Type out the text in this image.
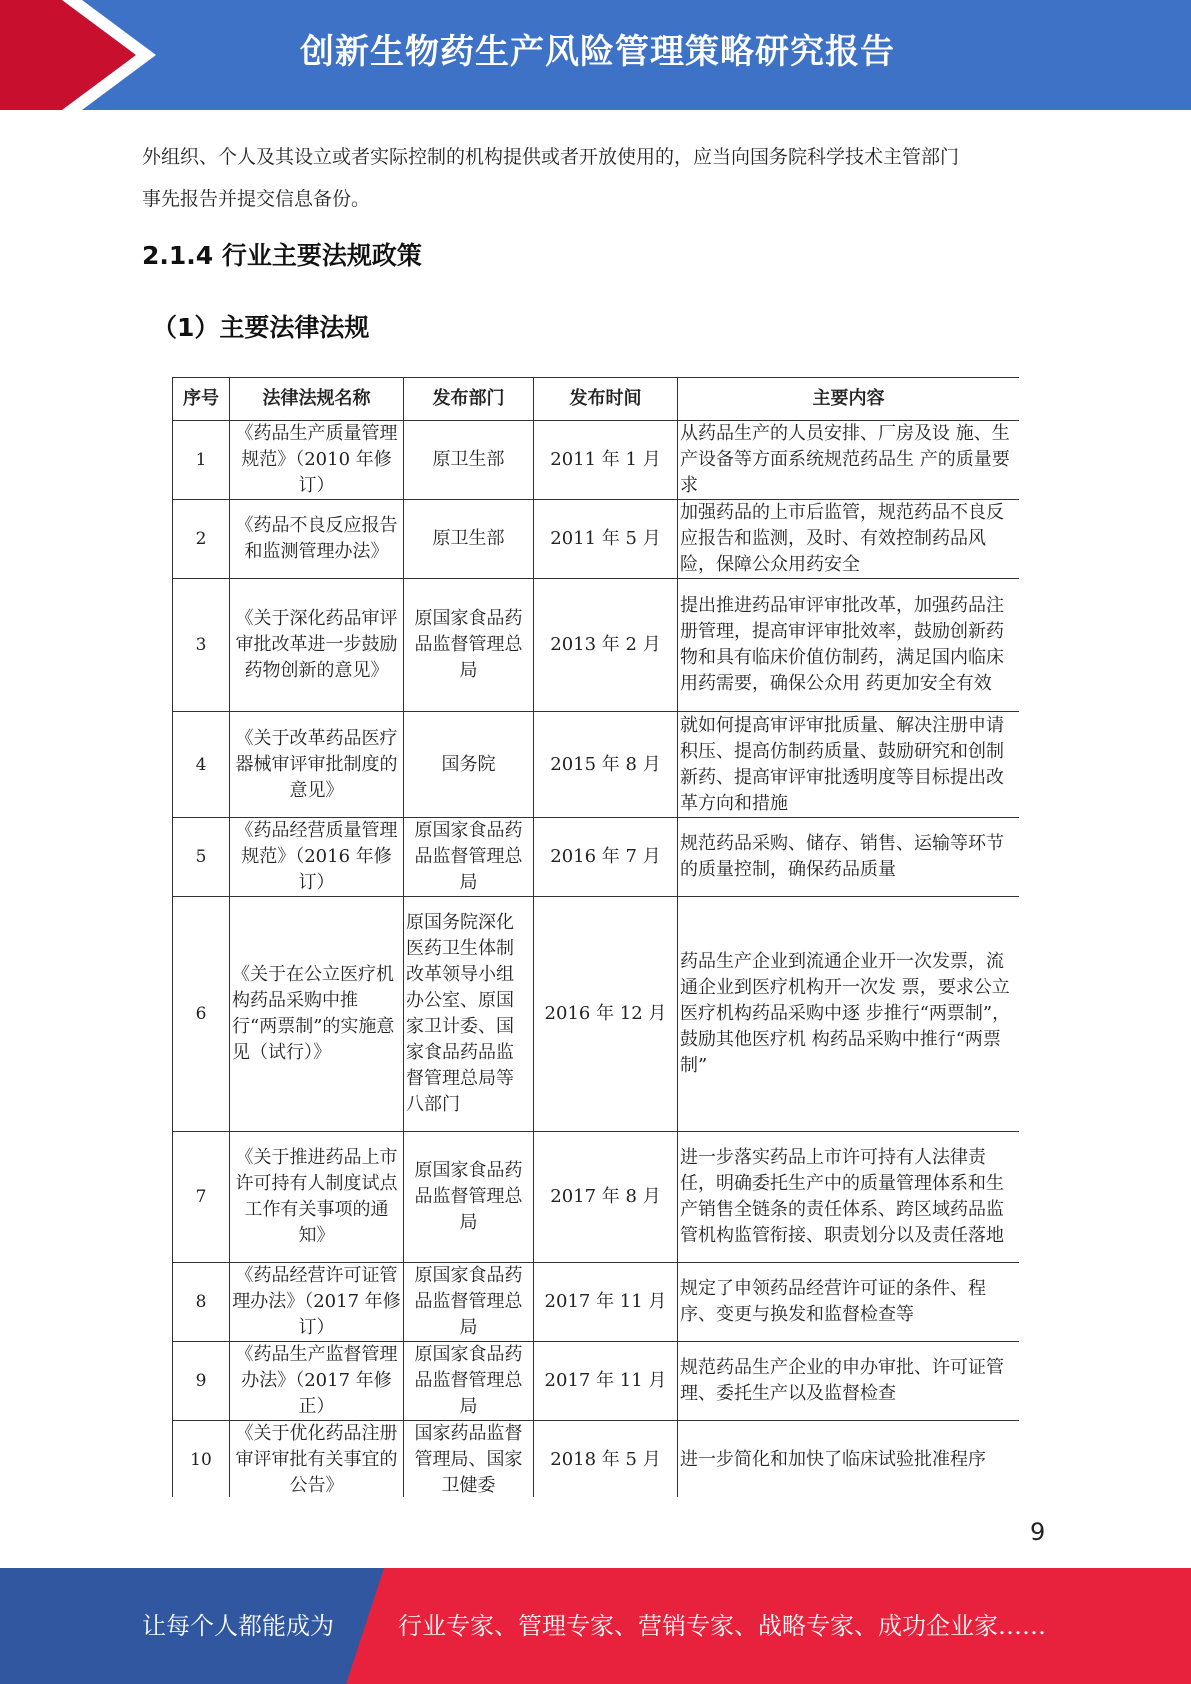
创新生物药生产风险管理策略研究报告
外组织、个人及其设立或者实际控制的机构提供或者开放使用的，应当向国务院科学技术主管部门
事先报告并提交信息备份。
2.1.4 行业主要法规政策
（1）主要法律法规
序号	法律法规名称	发布部门	发布时间	主要内容
1	《药品生产质量管理规范》（2010 年修订）	原卫生部	2011 年 1 月	从药品生产的人员安排、厂房及设 施、生产设备等方面系统规范药品生 产的质量要求
2	《药品不良反应报告和监测管理办法》	原卫生部	2011 年 5 月	加强药品的上市后监管，规范药品不良反应报告和监测，及时、有效控制药品风险，保障公众用药安全
3	《关于深化药品审评审批改革进一步鼓励药物创新的意见》	原国家食品药品监督管理总局	2013 年 2 月	提出推进药品审评审批改革，加强药品注册管理，提高审评审批效率，鼓励创新药物和具有临床价值仿制药，满足国内临床用药需要，确保公众用 药更加安全有效
4	《关于改革药品医疗器械审评审批制度的意见》	国务院	2015 年 8 月	就如何提高审评审批质量、解决注册申请积压、提高仿制药质量、鼓励研究和创制新药、提高审评审批透明度等目标提出改革方向和措施
5	《药品经营质量管理规范》（2016 年修订）	原国家食品药品监督管理总局	2016 年 7 月	规范药品采购、储存、销售、运输等环节的质量控制，确保药品质量
6	《关于在公立医疗机构药品采购中推行“两票制”的实施意见（试行）》	原国务院深化医药卫生体制改革领导小组办公室、原国家卫计委、国家食品药品监督管理总局等八部门	2016 年 12 月	药品生产企业到流通企业开一次发票，流通企业到医疗机构开一次发 票，要求公立医疗机构药品采购中逐 步推行“两票制”，鼓励其他医疗机 构药品采购中推行“两票制”
7	《关于推进药品上市许可持有人制度试点工作有关事项的通知》	原国家食品药品监督管理总局	2017 年 8 月	进一步落实药品上市许可持有人法律责任，明确委托生产中的质量管理体系和生产销售全链条的责任体系、跨区域药品监管机构监管衔接、职责划分以及责任落地
8	《药品经营许可证管理办法》（2017 年修订）	原国家食品药品监督管理总局	2017 年 11 月	规定了申领药品经营许可证的条件、程序、变更与换发和监督检查等
9	《药品生产监督管理办法》（2017 年修正）	原国家食品药品监督管理总局	2017 年 11 月	规范药品生产企业的申办审批、许可证管理、委托生产以及监督检查
10	《关于优化药品注册审评审批有关事宜的公告》	国家药品监督管理局、国家卫健委	2018 年 5 月	进一步简化和加快了临床试验批准程序
9
让每个人都能成为	行业专家、管理专家、营销专家、战略专家、成功企业家……
